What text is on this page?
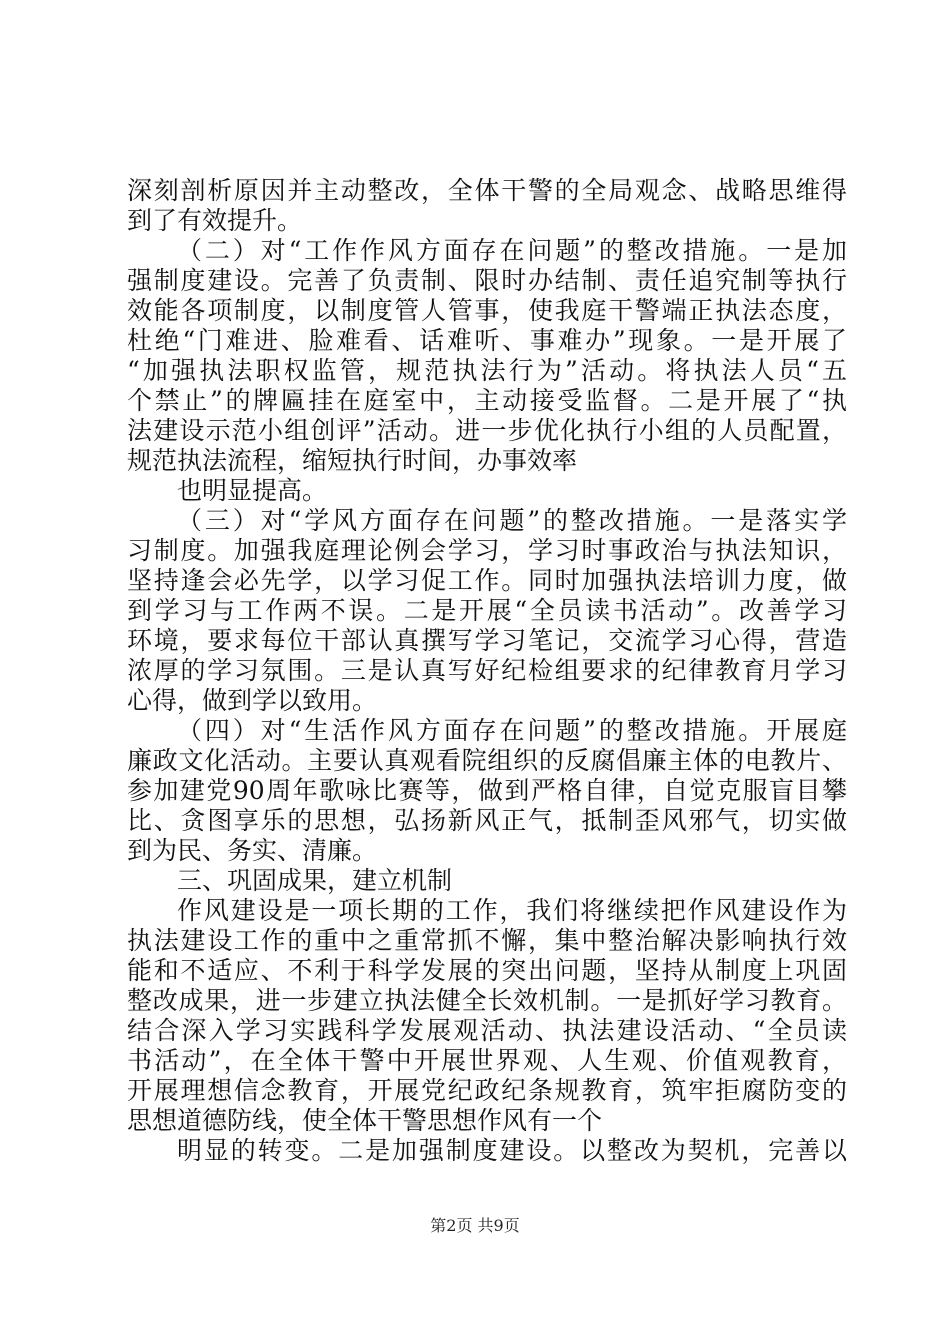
深刻剖析原因并主动整改，全体干警的全局观念、战略思维得
到了有效提升。
（二）对“工作作风方面存在问题”的整改措施。一是加
强制度建设。完善了负责制、限时办结制、责任追究制等执行
效能各项制度，以制度管人管事，使我庭干警端正执法态度，
杜绝“门难进、脸难看、话难听、事难办”现象。一是开展了
“加强执法职权监管，规范执法行为”活动。将执法人员“五
个禁止”的牌匾挂在庭室中，主动接受监督。二是开展了“执
法建设示范小组创评”活动。进一步优化执行小组的人员配置，
规范执法流程，缩短执行时间，办事效率
也明显提高。
（三）对“学风方面存在问题”的整改措施。一是落实学
习制度。加强我庭理论例会学习，学习时事政治与执法知识，
坚持逢会必先学，以学习促工作。同时加强执法培训力度，做
到学习与工作两不误。二是开展“全员读书活动”。改善学习
环境，要求每位干部认真撰写学习笔记，交流学习心得，营造
浓厚的学习氛围。三是认真写好纪检组要求的纪律教育月学习
心得，做到学以致用。
（四）对“生活作风方面存在问题”的整改措施。开展庭
廉政文化活动。主要认真观看院组织的反腐倡廉主体的电教片、
参加建党90周年歌咏比赛等，做到严格自律，自觉克服盲目攀
比、贪图享乐的思想，弘扬新风正气，抵制歪风邪气，切实做
到为民、务实、清廉。
三、巩固成果，建立机制
作风建设是一项长期的工作，我们将继续把作风建设作为
执法建设工作的重中之重常抓不懈，集中整治解决影响执行效
能和不适应、不利于科学发展的突出问题，坚持从制度上巩固
整改成果，进一步建立执法健全长效机制。一是抓好学习教育。
结合深入学习实践科学发展观活动、执法建设活动、“全员读
书活动”，在全体干警中开展世界观、人生观、价值观教育，
开展理想信念教育，开展党纪政纪条规教育，筑牢拒腐防变的
思想道德防线，使全体干警思想作风有一个
明显的转变。二是加强制度建设。以整改为契机，完善以
第2页 共9页
